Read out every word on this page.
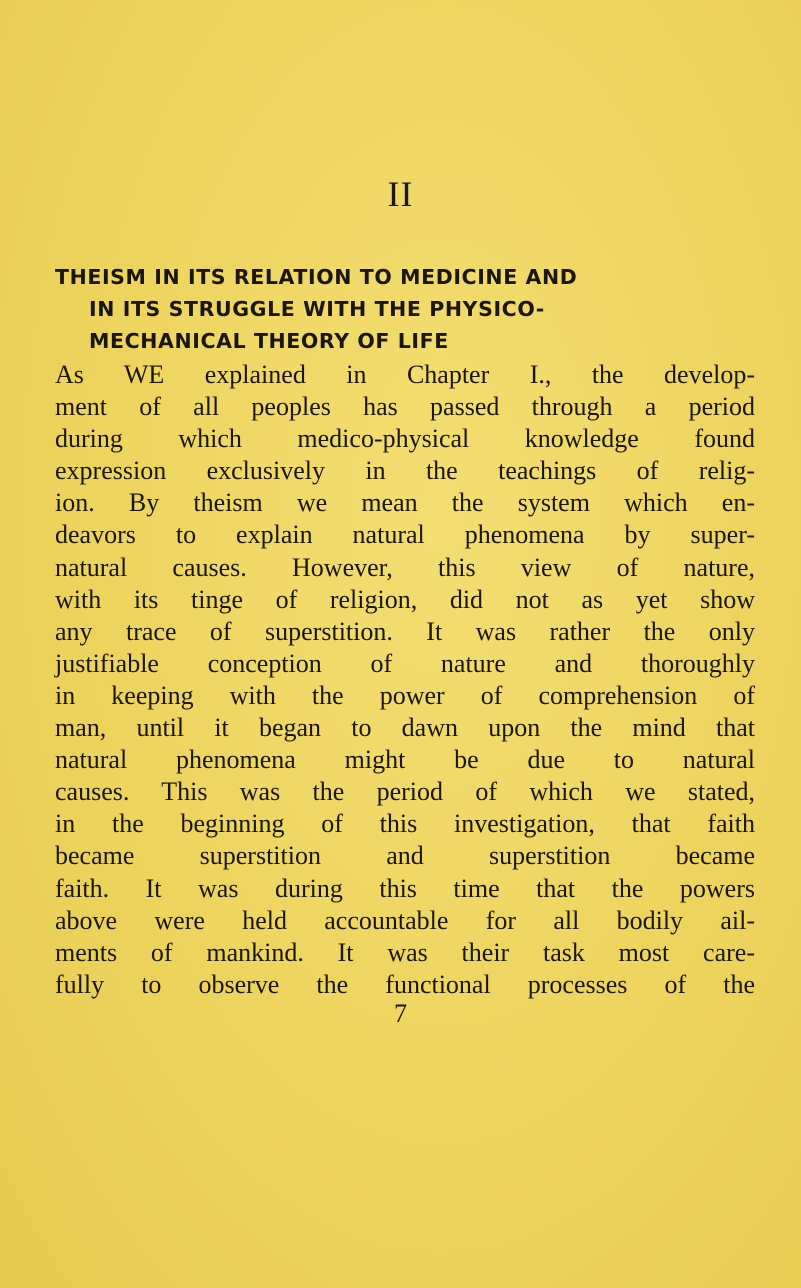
II
THEISM IN ITS RELATION TO MEDICINE AND
IN ITS STRUGGLE WITH THE PHYSICO-
MECHANICAL THEORY OF LIFE
As WE explained in Chapter I., the develop-
ment of all peoples has passed through a period
during which medico-physical knowledge found
expression exclusively in the teachings of relig-
ion. By theism we mean the system which en-
deavors to explain natural phenomena by super-
natural causes. However, this view of nature,
with its tinge of religion, did not as yet show
any trace of superstition. It was rather the only
justifiable conception of nature and thoroughly
in keeping with the power of comprehension of
man, until it began to dawn upon the mind that
natural phenomena might be due to natural
causes. This was the period of which we stated,
in the beginning of this investigation, that faith
became superstition and superstition became
faith. It was during this time that the powers
above were held accountable for all bodily ail-
ments of mankind. It was their task most care-
fully to observe the functional processes of the
7
